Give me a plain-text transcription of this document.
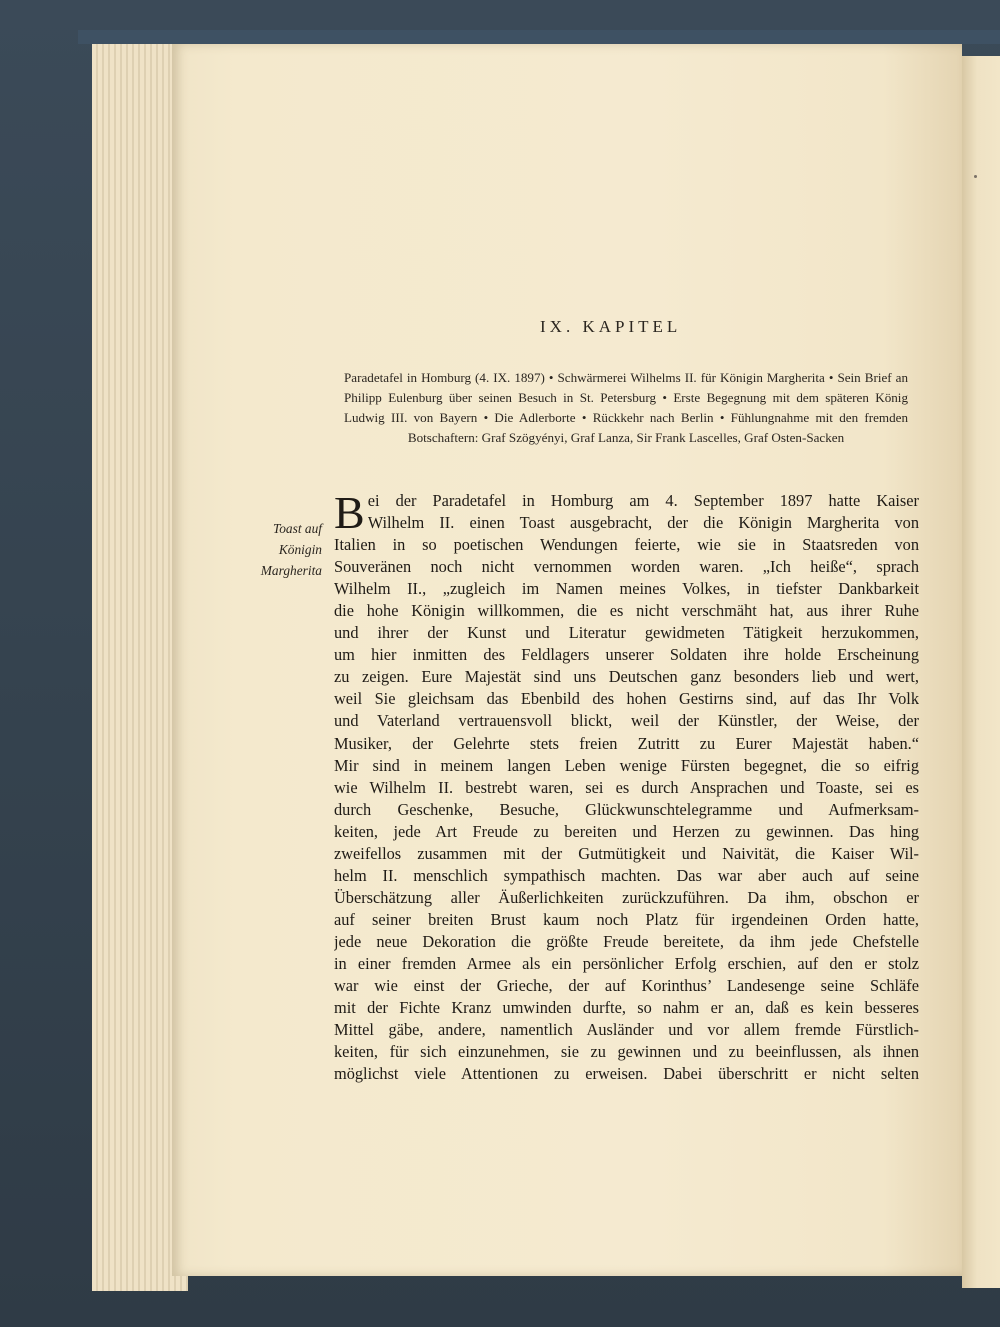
IX. KAPITEL

Paradetafel in Homburg (4. IX. 1897) • Schwärmerei Wilhelms II. für Königin Margherita • Sein Brief an Philipp Eulenburg über seinen Besuch in St. Petersburg • Erste Begegnung mit dem späteren König Ludwig III. von Bayern • Die Adlerborte • Rückkehr nach Berlin • Fühlungnahme mit den fremden Botschaftern: Graf Szögyényi, Graf Lanza, Sir Frank Lascelles, Graf Osten-Sacken

Toast auf
Königin
Margherita
B ei der Paradetafel in Homburg am 4. September 1897 hatte Kaiser
Wilhelm II. einen Toast ausgebracht, der die Königin Margherita von
Italien in so poetischen Wendungen feierte, wie sie in Staatsreden von
Souveränen noch nicht vernommen worden waren. „Ich heiße“, sprach
Wilhelm II., „zugleich im Namen meines Volkes, in tiefster Dankbarkeit
die hohe Königin willkommen, die es nicht verschmäht hat, aus ihrer Ruhe
und ihrer der Kunst und Literatur gewidmeten Tätigkeit herzukommen,
um hier inmitten des Feldlagers unserer Soldaten ihre holde Erscheinung
zu zeigen. Eure Majestät sind uns Deutschen ganz besonders lieb und wert,
weil Sie gleichsam das Ebenbild des hohen Gestirns sind, auf das Ihr Volk
und Vaterland vertrauensvoll blickt, weil der Künstler, der Weise, der
Musiker, der Gelehrte stets freien Zutritt zu Eurer Majestät haben.“
Mir sind in meinem langen Leben wenige Fürsten begegnet, die so eifrig
wie Wilhelm II. bestrebt waren, sei es durch Ansprachen und Toaste, sei es
durch Geschenke, Besuche, Glückwunschtelegramme und Aufmerksam-
keiten, jede Art Freude zu bereiten und Herzen zu gewinnen. Das hing
zweifellos zusammen mit der Gutmütigkeit und Naivität, die Kaiser Wil-
helm II. menschlich sympathisch machten. Das war aber auch auf seine
Überschätzung aller Äußerlichkeiten zurückzuführen. Da ihm, obschon er
auf seiner breiten Brust kaum noch Platz für irgendeinen Orden hatte,
jede neue Dekoration die größte Freude bereitete, da ihm jede Chefstelle
in einer fremden Armee als ein persönlicher Erfolg erschien, auf den er stolz
war wie einst der Grieche, der auf Korinthus’ Landesenge seine Schläfe
mit der Fichte Kranz umwinden durfte, so nahm er an, daß es kein besseres
Mittel gäbe, andere, namentlich Ausländer und vor allem fremde Fürstlich-
keiten, für sich einzunehmen, sie zu gewinnen und zu beeinflussen, als ihnen
möglichst viele Attentionen zu erweisen. Dabei überschritt er nicht selten
